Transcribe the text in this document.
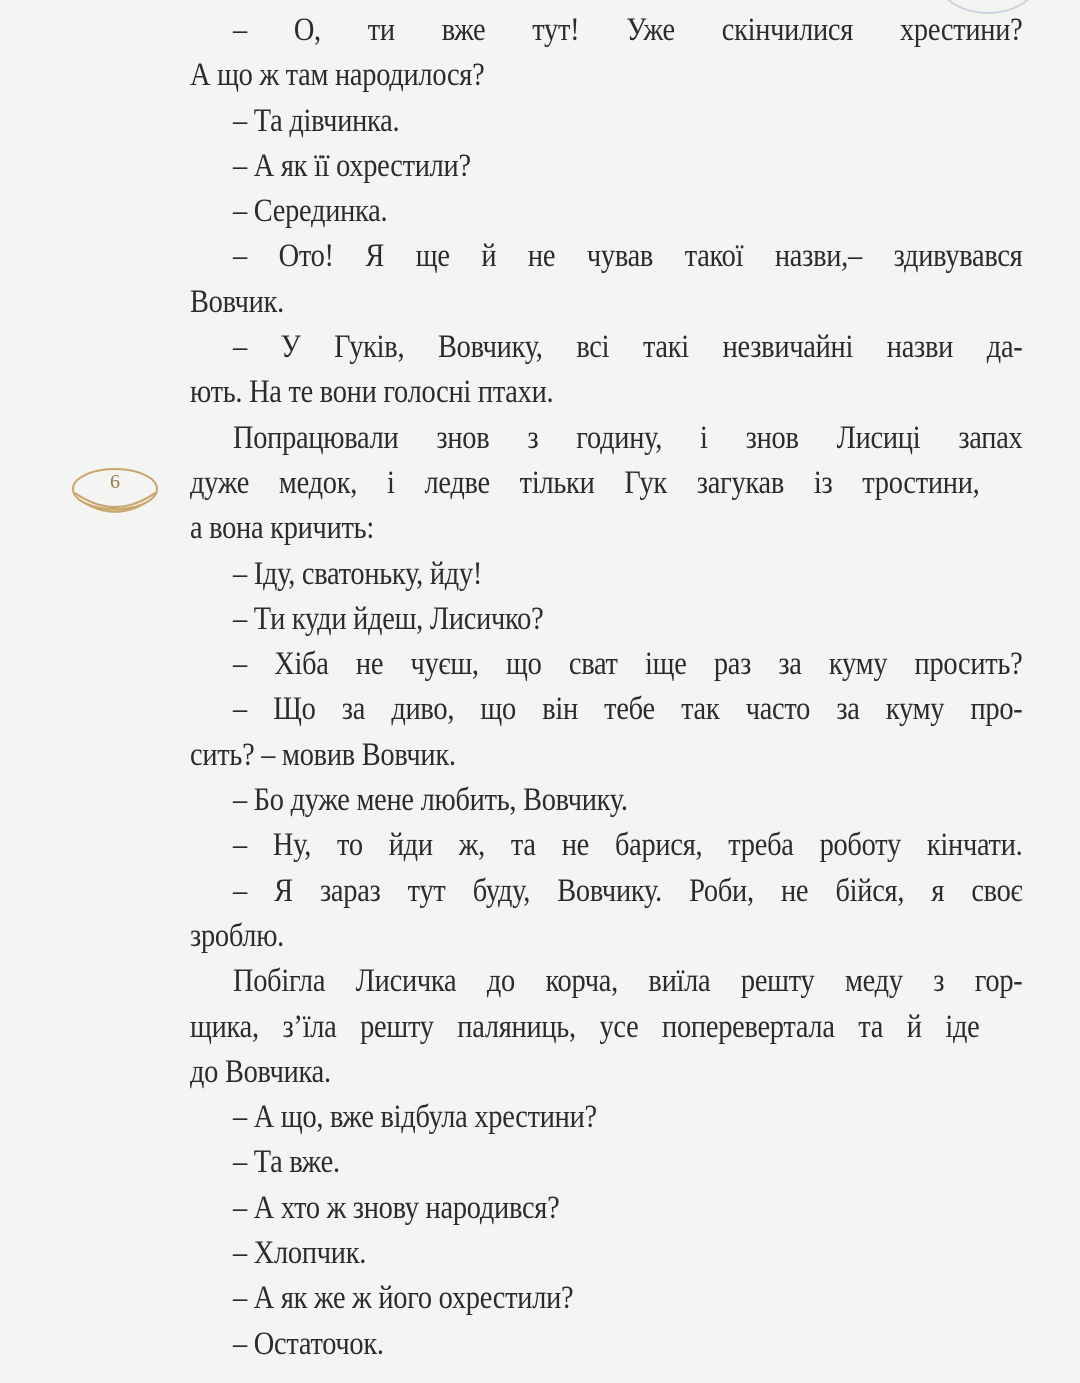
6
– О, ти вже тут! Уже скінчилися хрестини?
А що ж там народилося?
– Та дівчинка.
– А як її охрестили?
– Серединка.
– Ото! Я ще й не чував такої назви,– здивувався
Вовчик.
– У Гуків, Вовчику, всі такі незвичайні назви да-
ють. На те вони голосні птахи.
Попрацювали знов з годину, і знов Лисиці запах
дуже медок, і ледве тільки Гук загукав із тростини,
а вона кричить:
– Іду, сватоньку, йду!
– Ти куди йдеш, Лисичко?
– Хіба не чуєш, що сват іще раз за куму просить?
– Що за диво, що він тебе так часто за куму про-
сить? – мовив Вовчик.
– Бо дуже мене любить, Вовчику.
– Ну, то йди ж, та не барися, треба роботу кінчати.
– Я зараз тут буду, Вовчику. Роби, не бійся, я своє
зроблю.
Побігла Лисичка до корча, виїла решту меду з гор-
щика, з’їла решту паляниць, усе поперевертала та й іде
до Вовчика.
– А що, вже відбула хрестини?
– Та вже.
– А хто ж знову народився?
– Хлопчик.
– А як же ж його охрестили?
– Остаточок.
